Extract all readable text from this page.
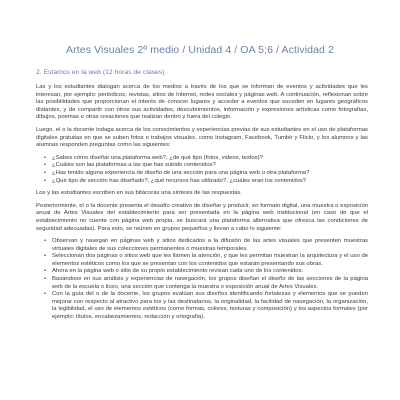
Artes Visuales 2º medio / Unidad 4 / OA 5;6 / Actividad 2
2. Estamos en la web (12 horas de clases)

Las y los estudiantes dialogan acerca de los medios a través de los que se informan de eventos y actividades que les interesan, por ejemplo: periódicos, revistas, sitios de Internet, redes sociales y páginas web. A continuación, reflexionan sobre las posibilidades que proporcionan el interés de conocer lugares y acceder a eventos que suceden en lugares geográficos distantes, y de compartir con otros sus actividades, descubrimientos, información y expresiones artísticas como fotografías, dibujos, poemas u otras creaciones que realizan dentro y fuera del colegio.

Luego, el o la docente indaga acerca de los conocimientos y experiencias previas de sus estudiantes en el uso de plataformas digitales gratuitas en que se suben fotos o trabajos visuales, como Instagram, Facebook, Tumblr y Flickr, y los alumnos y las alumnas responden preguntas como las siguientes:

• ¿Sabes cómo diseñar una plataforma web?, ¿de qué tipo (fotos, videos, textos)?
• ¿Cuáles son las plataformas a las que has subido contenidos?
• ¿Has tenido alguna experiencia de diseño de una sección para una página web u otra plataforma?
• ¿Qué tipo de sección has diseñado?, ¿qué recursos has utilizado?, ¿cuáles eran los contenidos?

Los y las estudiantes escriben en sus bitácoras una síntesis de las respuestas.

Posteriormente, el o la docente presenta el desafío creativo de diseñar y producir, en formato digital, una muestra o exposición anual de Artes Visuales del establecimiento para ser presentada en la página web institucional (en caso de que el establecimiento no cuente con página web propia, se buscará una plataforma alternativa que ofrezca las condiciones de seguridad adecuadas). Para esto, se reúnen en grupos pequeños y llevan a cabo lo siguiente:

• Observan y navegan en páginas web y sitios dedicados a la difusión de las artes visuales que presenten muestras virtuales digitales de sus colecciones permanentes o muestras temporales.
• Seleccionan dos páginas o sitios web que les llamen la atención, y que les permitan muestran la arquitectura y el uso de elementos estéticos como los que se presentan con los contenidos que estarán presentando sus obras.
• Ahora en la página web o sitio de su propio establecimiento revisan cada uno de los contenidos.
• Basándose en sus análisis y experiencias de navegación, los grupos diseñan el diseño de las secciones de la página web de la escuela o liceo, una sección que contenga la muestra o exposición anual de Artes Visuales.
• Con la guía del o de la docente, los grupos evalúan sus diseños identificando fortalezas y elementos que se pueden mejorar con respecto al atractivo para los y las destinatarios, la originalidad, la facilidad de navegación, la organización, la legibilidad, el uso de elementos estéticos (como formas, colores, texturas y composición) y los aspectos formales (por ejemplo: títulos, encabezamientos, redacción y ortografía).
